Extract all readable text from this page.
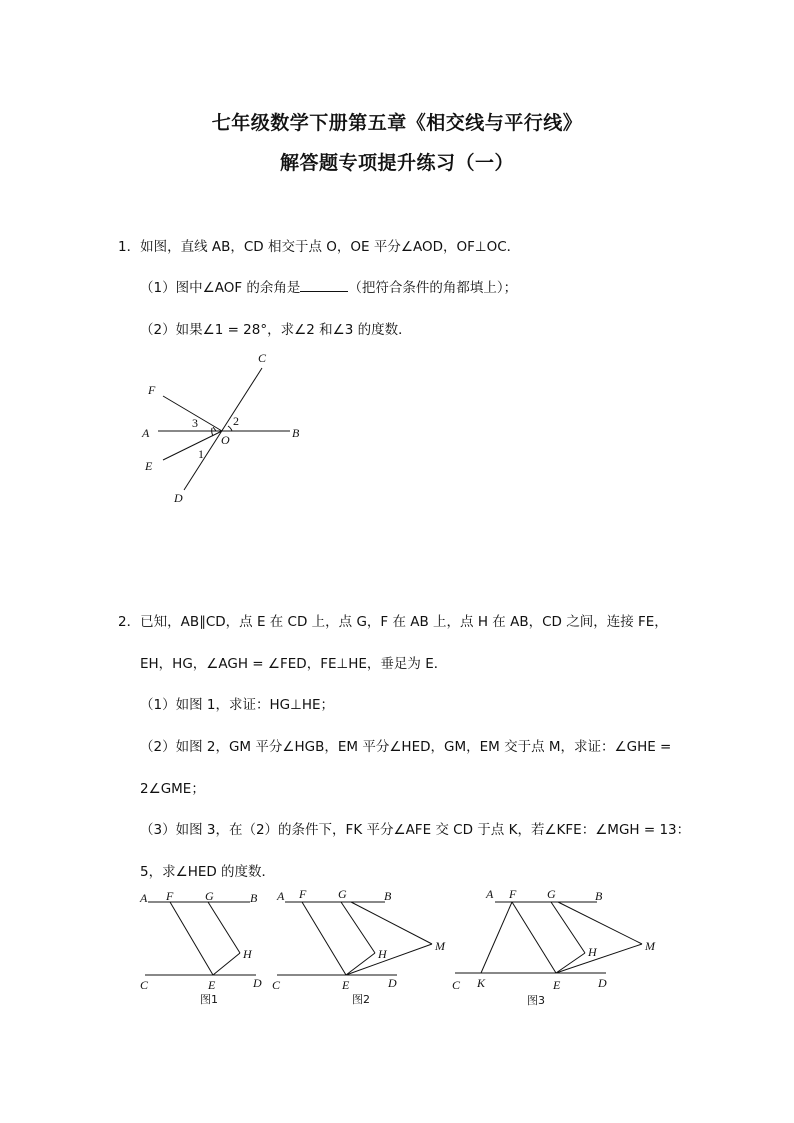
七年级数学下册第五章《相交线与平行线》
解答题专项提升练习（一）
1．如图，直线 AB，CD 相交于点 O，OE 平分∠AOD，OF⊥OC．
（1）图中∠AOF 的余角是	（把符合条件的角都填上）；
（2）如果∠1 = 28°，求∠2 和∠3 的度数．
2．已知，AB∥CD，点 E 在 CD 上，点 G，F 在 AB 上，点 H 在 AB，CD 之间，连接 FE，
EH，HG，∠AGH = ∠FED，FE⊥HE，垂足为 E．
（1）如图 1，求证：HG⊥HE；
（2）如图 2，GM 平分∠HGB，EM 平分∠HED，GM，EM 交于点 M，求证：∠GHE =
2∠GME；
（3）如图 3，在（2）的条件下，FK 平分∠AFE 交 CD 于点 K，若∠KFE：∠MGH = 13：
5，求∠HED 的度数．
C
F
A	B
O
E
D
3	2
1
A F	G	B
H
C	E	D
图1
A F	G	B
H
M
C	E	D
图2
A F	G	B
H	M
C K	E	D
图3
